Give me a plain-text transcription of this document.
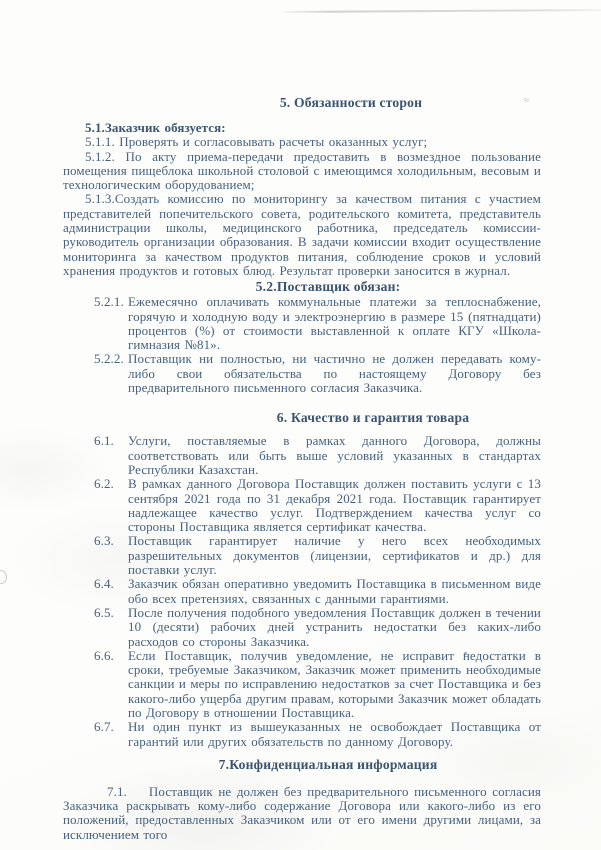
≈
5. Обязанности сторон

5.1.Заказчик обязуется:

5.1.1. Проверять и согласовывать расчеты оказанных услуг;

5.1.2. По акту приема-передачи предоставить в возмездное пользование помещения пищеблока школьной столовой с имеющимся холодильным, весовым и технологическим оборудованием;

5.1.3.Создать комиссию по мониторингу за качеством питания с участием представителей попечительского совета, родительского комитета, представитель администрации школы, медицинского работника, председатель комиссии-руководитель организации образования. В задачи комиссии входит осуществление мониторинга за качеством продуктов питания, соблюдение сроков и условий хранения продуктов и готовых блюд. Результат проверки заносится в журнал.

5.2.Поставщик обязан:
5.2.1. Ежемесячно оплачивать коммунальные платежи за теплоснабжение, горячую и холодную воду и электроэнергию в размере 15 (пятнадцати) процентов (%) от стоимости выставленной к оплате КГУ «Школа-гимназия №81».
5.2.2. Поставщик ни полностью, ни частично не должен передавать кому-либо свои обязательства по настоящему Договору без предварительного письменного согласия Заказчика.
6. Качество и гарантия товара
6.1.	Услуги, поставляемые в рамках данного Договора, должны соответствовать или быть выше условий указанных в стандартах Республики Казахстан.
6.2.	В рамках данного Договора Поставщик должен поставить услуги с 13 сентября 2021 года по 31 декабря 2021 года. Поставщик гарантирует надлежащее качество услуг. Подтверждением качества услуг со стороны Поставщика является сертификат качества.
6.3.	Поставщик гарантирует наличие у него всех необходимых разрешительных документов (лицензии, сертификатов и др.) для поставки услуг.
6.4.	Заказчик обязан оперативно уведомить Поставщика в письменном виде обо всех претензиях, связанных с данными гарантиями.
6.5.	После получения подобного уведомления Поставщик должен в течении 10 (десяти) рабочих дней устранить недостатки без каких-либо расходов со стороны Заказчика.
6.6.	Если Поставщик, получив уведомление, не исправит недостатки в сроки, требуемые Заказчиком, Заказчик может применить необходимые санкции и меры по исправлению недостатков за счет Поставщика и без какого-либо ущерба другим правам, которыми Заказчик может обладать по Договору в отношении Поставщика.
6.7.	Ни один пункт из вышеуказанных не освобождает Поставщика от гарантий или других обязательств по данному Договору.
7.Конфиденциальная информация

7.1. Поставщик не должен без предварительного письменного согласия Заказчика раскрывать кому-либо содержание Договора или какого-либо из его положений, предоставленных Заказчиком или от его имени другими лицами, за исключением того
